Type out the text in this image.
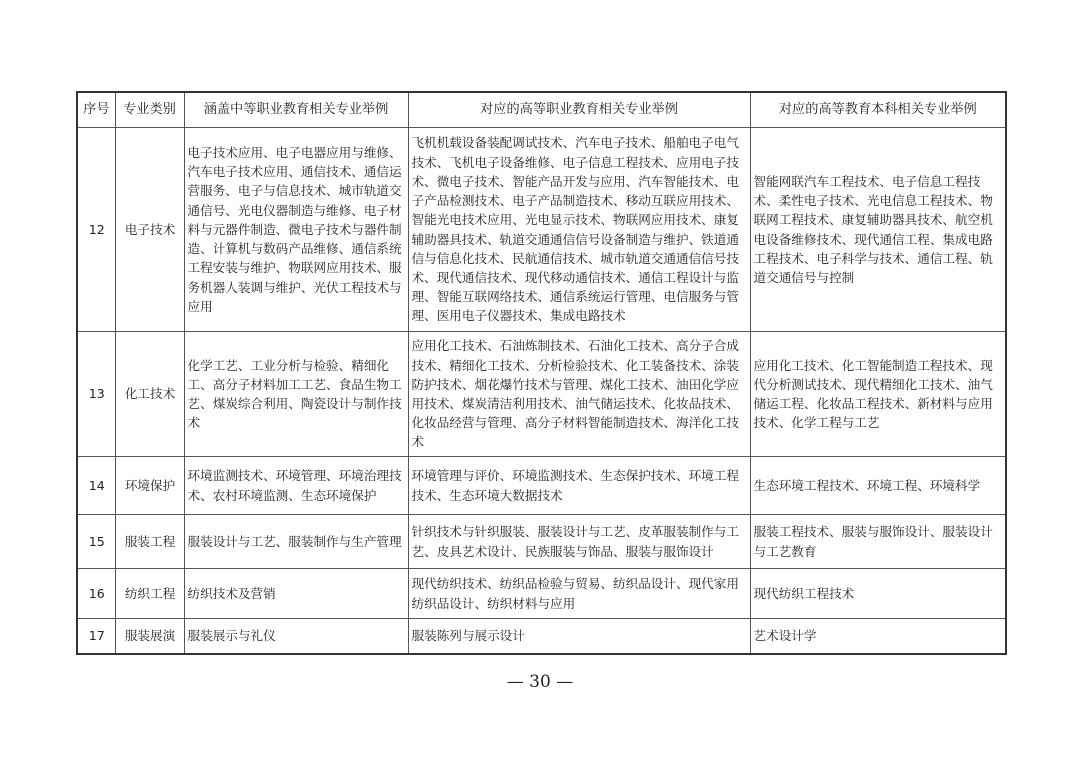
序号	专业类别	涵盖中等职业教育相关专业举例	对应的高等职业教育相关专业举例	对应的高等教育本科相关专业举例
12	电子技术	电子技术应用、电子电器应用与维修、汽车电子技术应用、通信技术、通信运营服务、电子与信息技术、城市轨道交通信号、光电仪器制造与维修、电子材料与元器件制造、微电子技术与器件制造、计算机与数码产品维修、通信系统工程安装与维护、物联网应用技术、服务机器人装调与维护、光伏工程技术与应用	飞机机载设备装配调试技术、汽车电子技术、船舶电子电气技术、飞机电子设备维修、电子信息工程技术、应用电子技术、微电子技术、智能产品开发与应用、汽车智能技术、电子产品检测技术、电子产品制造技术、移动互联应用技术、智能光电技术应用、光电显示技术、物联网应用技术、康复辅助器具技术、轨道交通通信信号设备制造与维护、铁道通信与信息化技术、民航通信技术、城市轨道交通通信信号技术、现代通信技术、现代移动通信技术、通信工程设计与监理、智能互联网络技术、通信系统运行管理、电信服务与管理、医用电子仪器技术、集成电路技术	智能网联汽车工程技术、电子信息工程技术、柔性电子技术、光电信息工程技术、物联网工程技术、康复辅助器具技术、航空机电设备维修技术、现代通信工程、集成电路工程技术、电子科学与技术、通信工程、轨道交通信号与控制
13	化工技术	化学工艺、工业分析与检验、精细化工、高分子材料加工工艺、食品生物工艺、煤炭综合利用、陶瓷设计与制作技术	应用化工技术、石油炼制技术、石油化工技术、高分子合成技术、精细化工技术、分析检验技术、化工装备技术、涂装防护技术、烟花爆竹技术与管理、煤化工技术、油田化学应用技术、煤炭清洁利用技术、油气储运技术、化妆品技术、化妆品经营与管理、高分子材料智能制造技术、海洋化工技术	应用化工技术、化工智能制造工程技术、现代分析测试技术、现代精细化工技术、油气储运工程、化妆品工程技术、新材料与应用技术、化学工程与工艺
14	环境保护	环境监测技术、环境管理、环境治理技术、农村环境监测、生态环境保护	环境管理与评价、环境监测技术、生态保护技术、环境工程技术、生态环境大数据技术	生态环境工程技术、环境工程、环境科学
15	服装工程	服装设计与工艺、服装制作与生产管理	针织技术与针织服装、服装设计与工艺、皮革服装制作与工艺、皮具艺术设计、民族服装与饰品、服装与服饰设计	服装工程技术、服装与服饰设计、服装设计与工艺教育
16	纺织工程	纺织技术及营销	现代纺织技术、纺织品检验与贸易、纺织品设计、现代家用纺织品设计、纺织材料与应用	现代纺织工程技术
17	服装展演	服装展示与礼仪	服装陈列与展示设计	艺术设计学
— 30 —
